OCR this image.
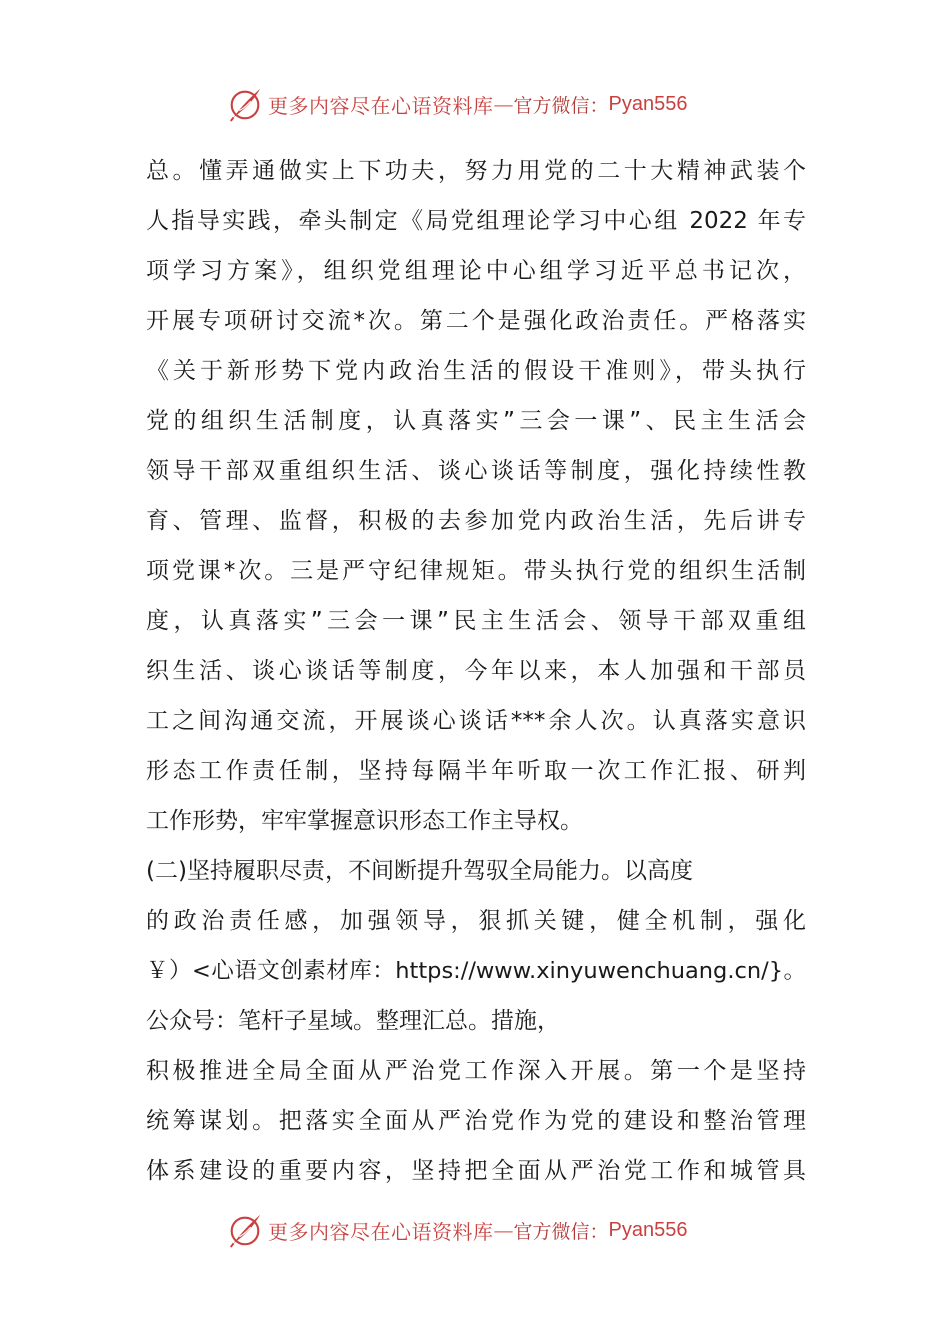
更多内容尽在心语资料库 — 官方微信： Pyan556
总。懂弄通做实上下功夫，努力用党的二十大精神武装个
人指导实践，牵头制定《局党组理论学习中心组 2022 年专
项学习方案》，组织党组理论中心组学习近平总书记次，
开展专项研讨交流*次。第二个是强化政治责任。严格落实
《关于新形势下党内政治生活的假设干准则》，带头执行
党的组织生活制度，认真落实”三会一课”、民主生活会
领导干部双重组织生活、谈心谈话等制度，强化持续性教
育、管理、监督，积极的去参加党内政治生活，先后讲专
项党课*次。三是严守纪律规矩。带头执行党的组织生活制
度，认真落实”三会一课”民主生活会、领导干部双重组
织生活、谈心谈话等制度，今年以来，本人加强和干部员
工之间沟通交流，开展谈心谈话***余人次。认真落实意识
形态工作责任制，坚持每隔半年听取一次工作汇报、研判
工作形势，牢牢掌握意识形态工作主导权。
(二)坚持履职尽责，不间断提升驾驭全局能力。以高度
的政治责任感，加强领导，狠抓关键，健全机制，强化
￥）<心语文创素材库：https://www.xinyuwenchuang.cn/}。
公众号：笔杆子星域。整理汇总。措施，
积极推进全局全面从严治党工作深入开展。第一个是坚持
统筹谋划。把落实全面从严治党作为党的建设和整治管理
体系建设的重要内容，坚持把全面从严治党工作和城管具
更多内容尽在心语资料库 — 官方微信： Pyan556
